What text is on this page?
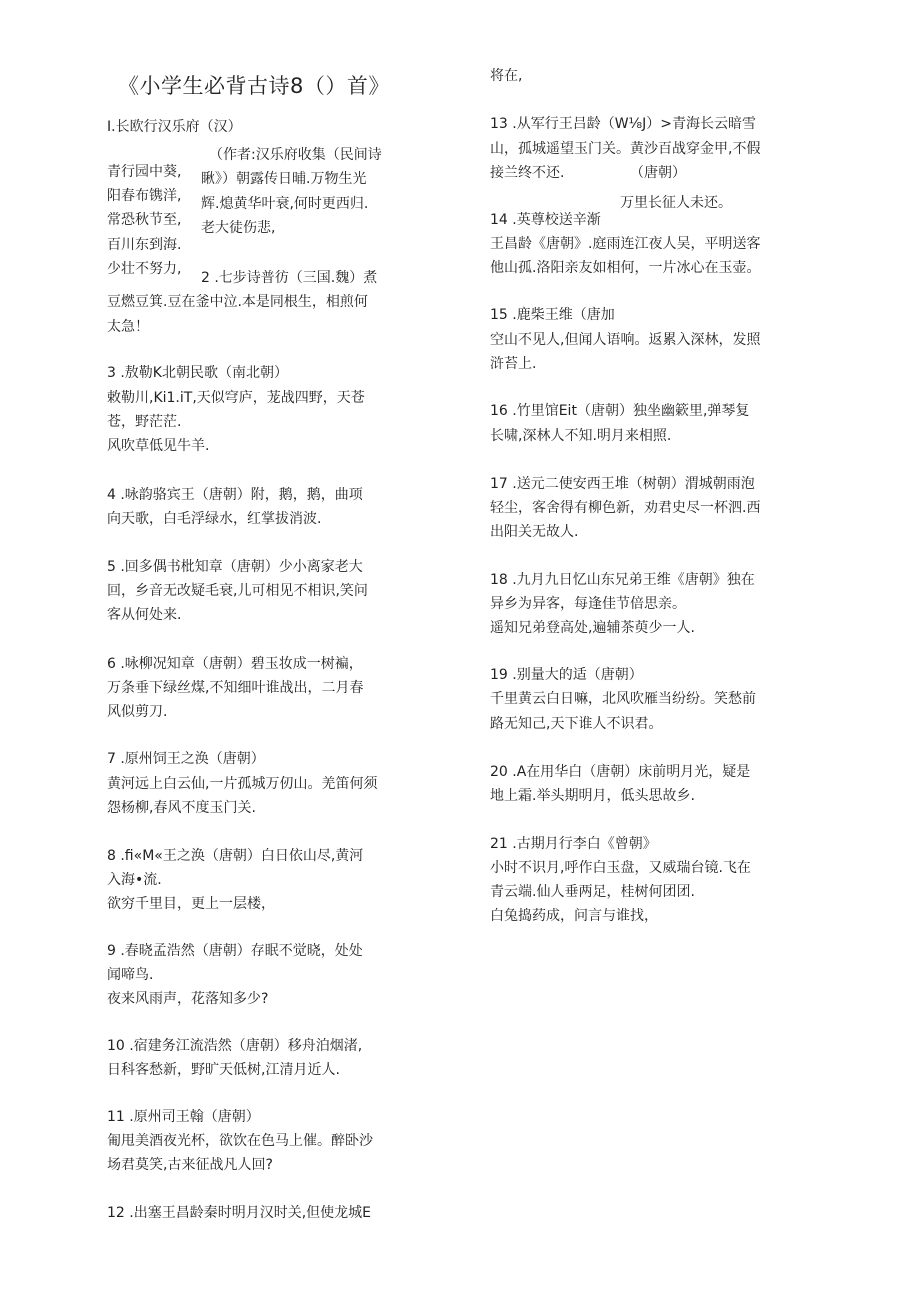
《小学生必背古诗8（）首》
I.长欧行汉乐府（汉）
（作者:汉乐府收集（民间诗
青行园中葵, 瞅》）朝露传日晡.万物生光
阳春布镌洋, 辉.熄黄华叶衰,何时更西归.
常恐秋节至, 老大徒伤悲,
百川东到海.
少壮不努力,
2 .七步诗普彷（三国.魏）煮
豆燃豆箕.豆在釜中泣.本是同根生，相煎何
太急！
3 .敖勒K北朝民歌（南北朝）
敕勒川,Ki1.iT,天似穹庐，茏战四野，天苍
苍，野茫茫.
风吹草低见牛羊.
4 .咏韵骆宾王（唐朝）附，鹅，鹅，曲项
向天歌，白毛浮绿水，红掌拔消波.
5 .回多偶书枇知章（唐朝）少小离家老大
回，乡音无改疑毛衰,儿可相见不相识,笑问
客从何处来.
6 .咏柳况知章（唐朝）碧玉妆成一树褊，
万条垂下绿丝煤,不知细叶谁战出，二月春
风似剪刀.
7 .原州饲王之涣（唐朝）
黄河远上白云仙,一片孤城万仞山。羌笛何须
怨杨柳,春风不度玉门关.
8 .fi«M«王之涣（唐朝）白日依山尽,黄河
入海•流.
欲穷千里目，更上一层楼，
9 .春晓孟浩然（唐朝）存眠不觉晓，处处
闻啼鸟.
夜来风雨声，花落知多少?
10 .宿建务江流浩然（唐朝）移舟泊烟渚,
日科客愁新，野旷天低树,江清月近人.
11 .原州司王翰（唐朝）
匍甩美酒夜光杯，欲饮在色马上催。醉卧沙
场君莫笑,古来征战凡人回?
12 .出塞王昌龄秦时明月汉时关,但使龙城E
将在,
13 .从军行王吕龄（W⅛J）>青海长云暗雪
山，孤城遥望玉门关。黄沙百战穿金甲,不假
接兰终不还.	（唐朝）
万里长征人未还。
14 .英尊校送辛渐
王昌龄《唐朝》.庭雨连江夜人吴，平明送客
他山孤.洛阳亲友如相何，一片冰心在玉壶。
15 .鹿柴王维（唐加
空山不见人,但闻人语响。返累入深林，发照
浒苔上.
16 .竹里馆Eit（唐朝）独坐幽簌里,弹琴复
长啸,深林人不知.明月来相照.
17 .送元二使安西王堆（树朝）渭城朝雨泡
轻尘，客舍得有柳色新，劝君史尽一杯泗.西
出阳关无故人.
18 .九月九日忆山东兄弟王维《唐朝》独在
异乡为异客，每逢佳节倍思亲。
遥知兄弟登高处,遍辅茶萸少一人.
19 .别量大的适（唐朝）
千里黄云白日嘛，北风吹雁当纷纷。笑愁前
路无知己,天下谁人不识君。
20 .A在用华白（唐朝）床前明月光，疑是
地上霜.举头期明月，低头思故乡.
21 .古期月行李白《曾朝》
小时不识月,呼作白玉盘，又威瑞台镜.飞在
青云端.仙人垂两足，桂树何团团.
白兔捣药成，问言与谁找，
